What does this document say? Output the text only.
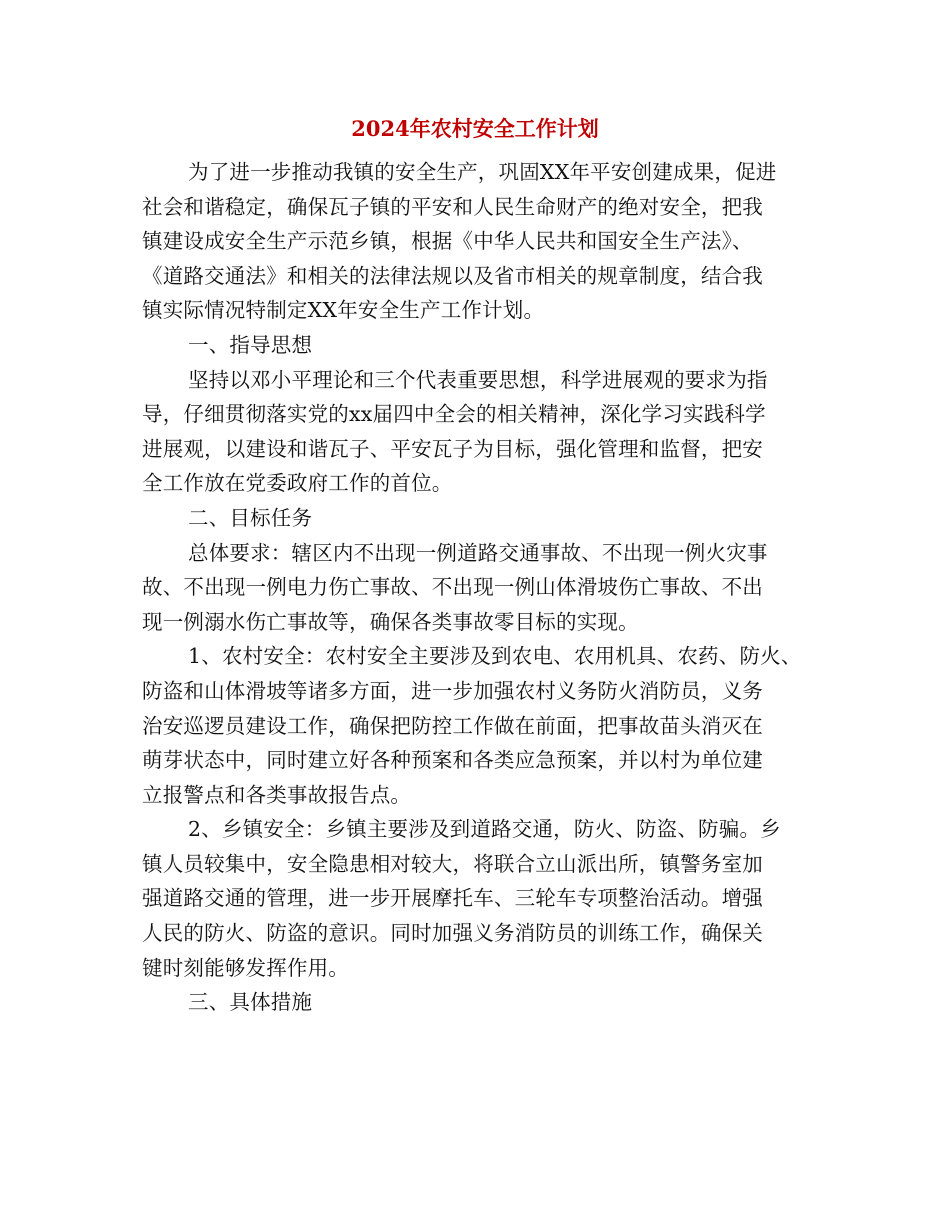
2024年农村安全工作计划
为了进一步推动我镇的安全生产，巩固XX年平安创建成果，促进
社会和谐稳定，确保瓦子镇的平安和人民生命财产的绝对安全，把我
镇建设成安全生产示范乡镇，根据《中华人民共和国安全生产法》、
《道路交通法》和相关的法律法规以及省市相关的规章制度，结合我
镇实际情况特制定XX年安全生产工作计划。
一、指导思想
坚持以邓小平理论和三个代表重要思想，科学进展观的要求为指
导，仔细贯彻落实党的xx届四中全会的相关精神，深化学习实践科学
进展观，以建设和谐瓦子、平安瓦子为目标，强化管理和监督，把安
全工作放在党委政府工作的首位。
二、目标任务
总体要求：辖区内不出现一例道路交通事故、不出现一例火灾事
故、不出现一例电力伤亡事故、不出现一例山体滑坡伤亡事故、不出
现一例溺水伤亡事故等，确保各类事故零目标的实现。
1、农村安全：农村安全主要涉及到农电、农用机具、农药、防火、
防盗和山体滑坡等诸多方面，进一步加强农村义务防火消防员，义务
治安巡逻员建设工作，确保把防控工作做在前面，把事故苗头消灭在
萌芽状态中，同时建立好各种预案和各类应急预案，并以村为单位建
立报警点和各类事故报告点。
2、乡镇安全：乡镇主要涉及到道路交通，防火、防盗、防骗。乡
镇人员较集中，安全隐患相对较大，将联合立山派出所，镇警务室加
强道路交通的管理，进一步开展摩托车、三轮车专项整治活动。增强
人民的防火、防盗的意识。同时加强义务消防员的训练工作，确保关
键时刻能够发挥作用。
三、具体措施
